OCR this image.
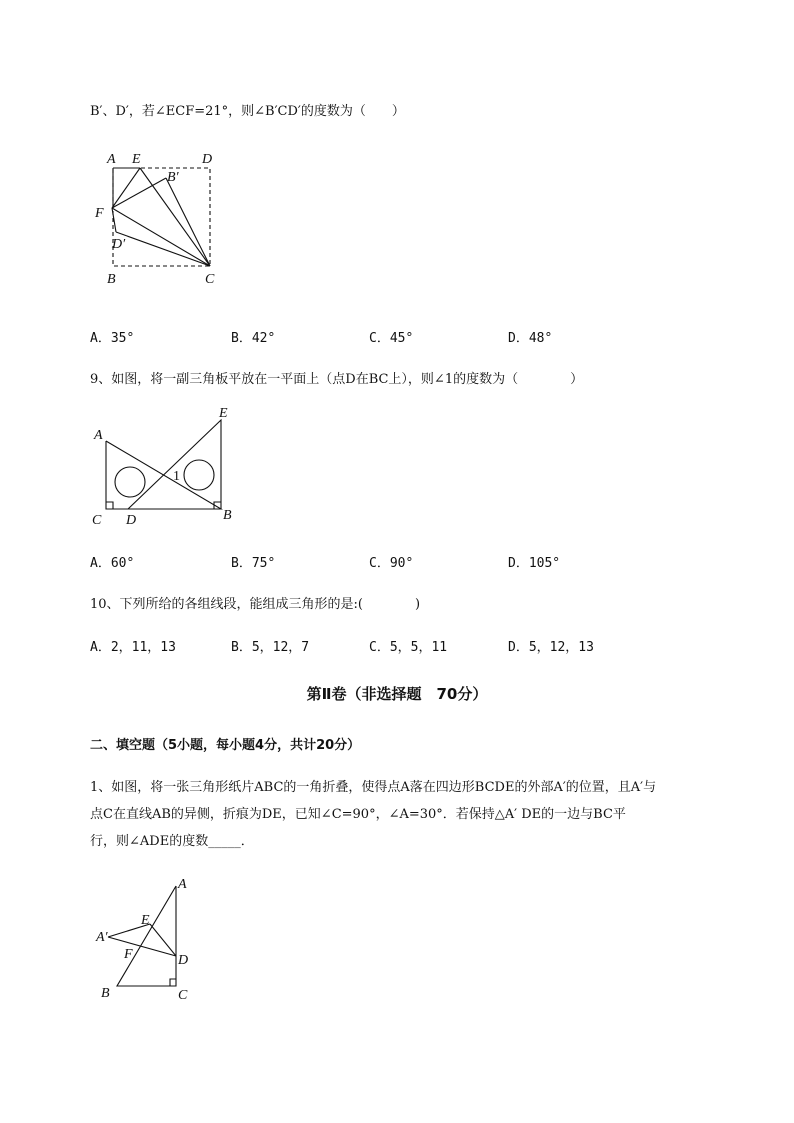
B′、D′，若∠ECF=21°，则∠B′CD′的度数为（　　）
A E	D
B′
F
D′
B	C
A．35°	B．42°	C．45°	D．48°
9、如图，将一副三角板平放在一平面上（点D在BC上），则∠1的度数为（　　　　）
A
E
C D	B
1
A．60°	B．75°	C．90°	D．105°
10、下列所给的各组线段，能组成三角形的是:(　　　　)
A．2，11，13	B．5，12，7	C．5，5，11	D．5，12，13
第Ⅱ卷（非选择题　70分）
二、填空题（5小题，每小题4分，共计20分）
1、如图，将一张三角形纸片ABC的一角折叠，使得点A落在四边形BCDE的外部A′的位置，且A′与
点C在直线AB的异侧，折痕为DE，已知∠C=90°，∠A=30°．若保持△A′ DE的一边与BC平
行，则∠ADE的度数_____．
A
E
A′
F	D
B	C
